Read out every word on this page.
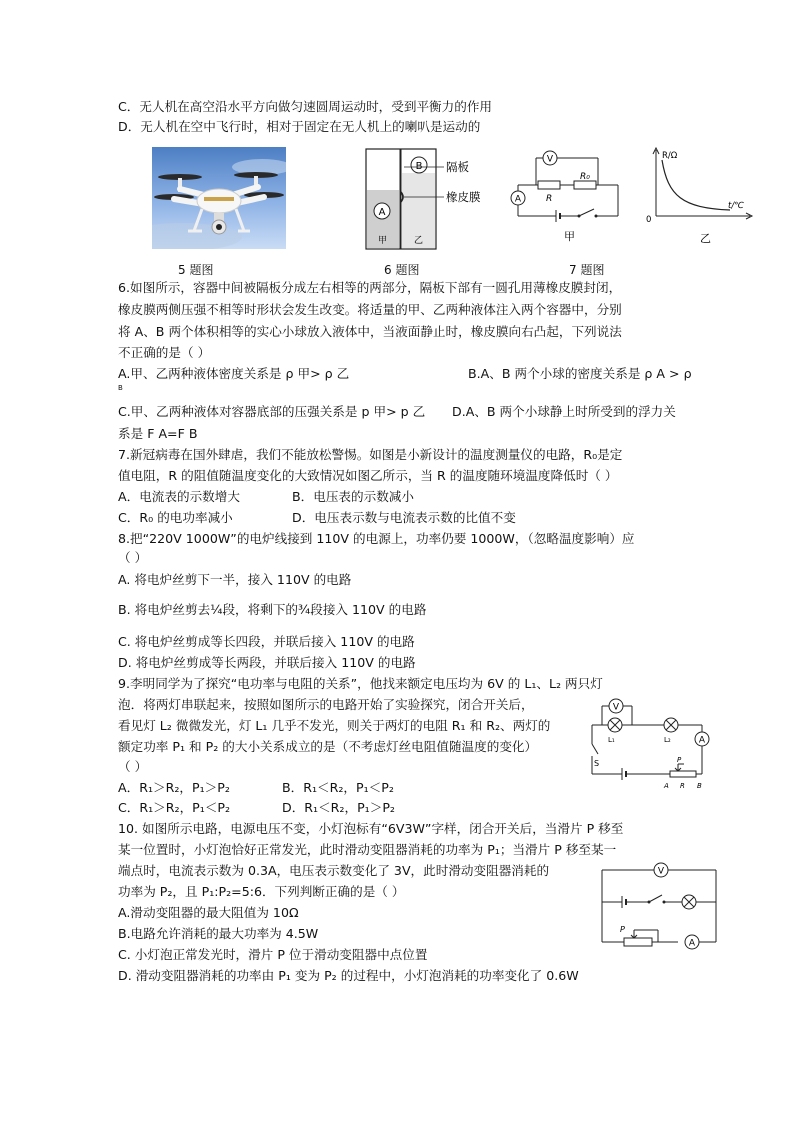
C．无人机在高空沿水平方向做匀速圆周运动时，受到平衡力的作用
D．无人机在空中飞行时，相对于固定在无人机上的喇叭是运动的
A
B 隔板
橡皮膜
甲	乙
V
R
R₀
A
甲
R/Ω
t/℃
0
乙
5 题图	6 题图	7 题图
6.如图所示，容器中间被隔板分成左右相等的两部分，隔板下部有一圆孔用薄橡皮膜封闭，
橡皮膜两侧压强不相等时形状会发生改变。将适量的甲、乙两种液体注入两个容器中，分别
将 A、B 两个体积相等的实心小球放入液体中，当液面静止时，橡皮膜向右凸起，下列说法
不正确的是（ ）
A.甲、乙两种液体密度关系是 ρ 甲> ρ 乙	B.A、B 两个小球的密度关系是 ρ A > ρ
B
C.甲、乙两种液体对容器底部的压强关系是 p 甲> p 乙 D.A、B 两个小球静上时所受到的浮力关
系是 F A=F B
7.新冠病毒在国外肆虐，我们不能放松警惕。如图是小新设计的温度测量仪的电路，R₀是定
值电阻，R 的阻值随温度变化的大致情况如图乙所示，当 R 的温度随环境温度降低时（ ）
A．电流表的示数增大	B．电压表的示数减小
C．R₀ 的电功率减小	D．电压表示数与电流表示数的比值不变
8.把“220V 1000W”的电炉线接到 110V 的电源上，功率仍要 1000W，（忽略温度影响）应
（ ）
A. 将电炉丝剪下一半，接入 110V 的电路
B. 将电炉丝剪去¼段，将剩下的¾段接入 110V 的电路
C. 将电炉丝剪成等长四段，并联后接入 110V 的电路
D. 将电炉丝剪成等长两段，并联后接入 110V 的电路
9.李明同学为了探究“电功率与电阻的关系”，他找来额定电压均为 6V 的 L₁、L₂ 两只灯
泡．将两灯串联起来，按照如图所示的电路开始了实验探究，闭合开关后，
看见灯 L₂ 微微发光，灯 L₁ 几乎不发光，则关于两灯的电阻 R₁ 和 R₂、两灯的
额定功率 P₁ 和 P₂ 的大小关系成立的是（不考虑灯丝电阻值随温度的变化）
（ ）
A．R₁＞R₂，P₁＞P₂	B．R₁＜R₂，P₁＜P₂
C．R₁＞R₂，P₁＜P₂	D．R₁＜R₂，P₁＞P₂
V
L₁	L₂	A
S	P
A R B
10. 如图所示电路，电源电压不变，小灯泡标有“6V3W”字样，闭合开关后，当滑片 P 移至
某一位置时，小灯泡恰好正常发光，此时滑动变阻器消耗的功率为 P₁；当滑片 P 移至某一
端点时，电流表示数为 0.3A，电压表示数变化了 3V，此时滑动变阻器消耗的
功率为 P₂，且 P₁:P₂=5:6．下列判断正确的是（ ）
A.滑动变阻器的最大阻值为 10Ω
B.电路允许消耗的最大功率为 4.5W
C. 小灯泡正常发光时，滑片 P 位于滑动变阻器中点位置
D. 滑动变阻器消耗的功率由 P₁ 变为 P₂ 的过程中，小灯泡消耗的功率变化了 0.6W
V
P
A
